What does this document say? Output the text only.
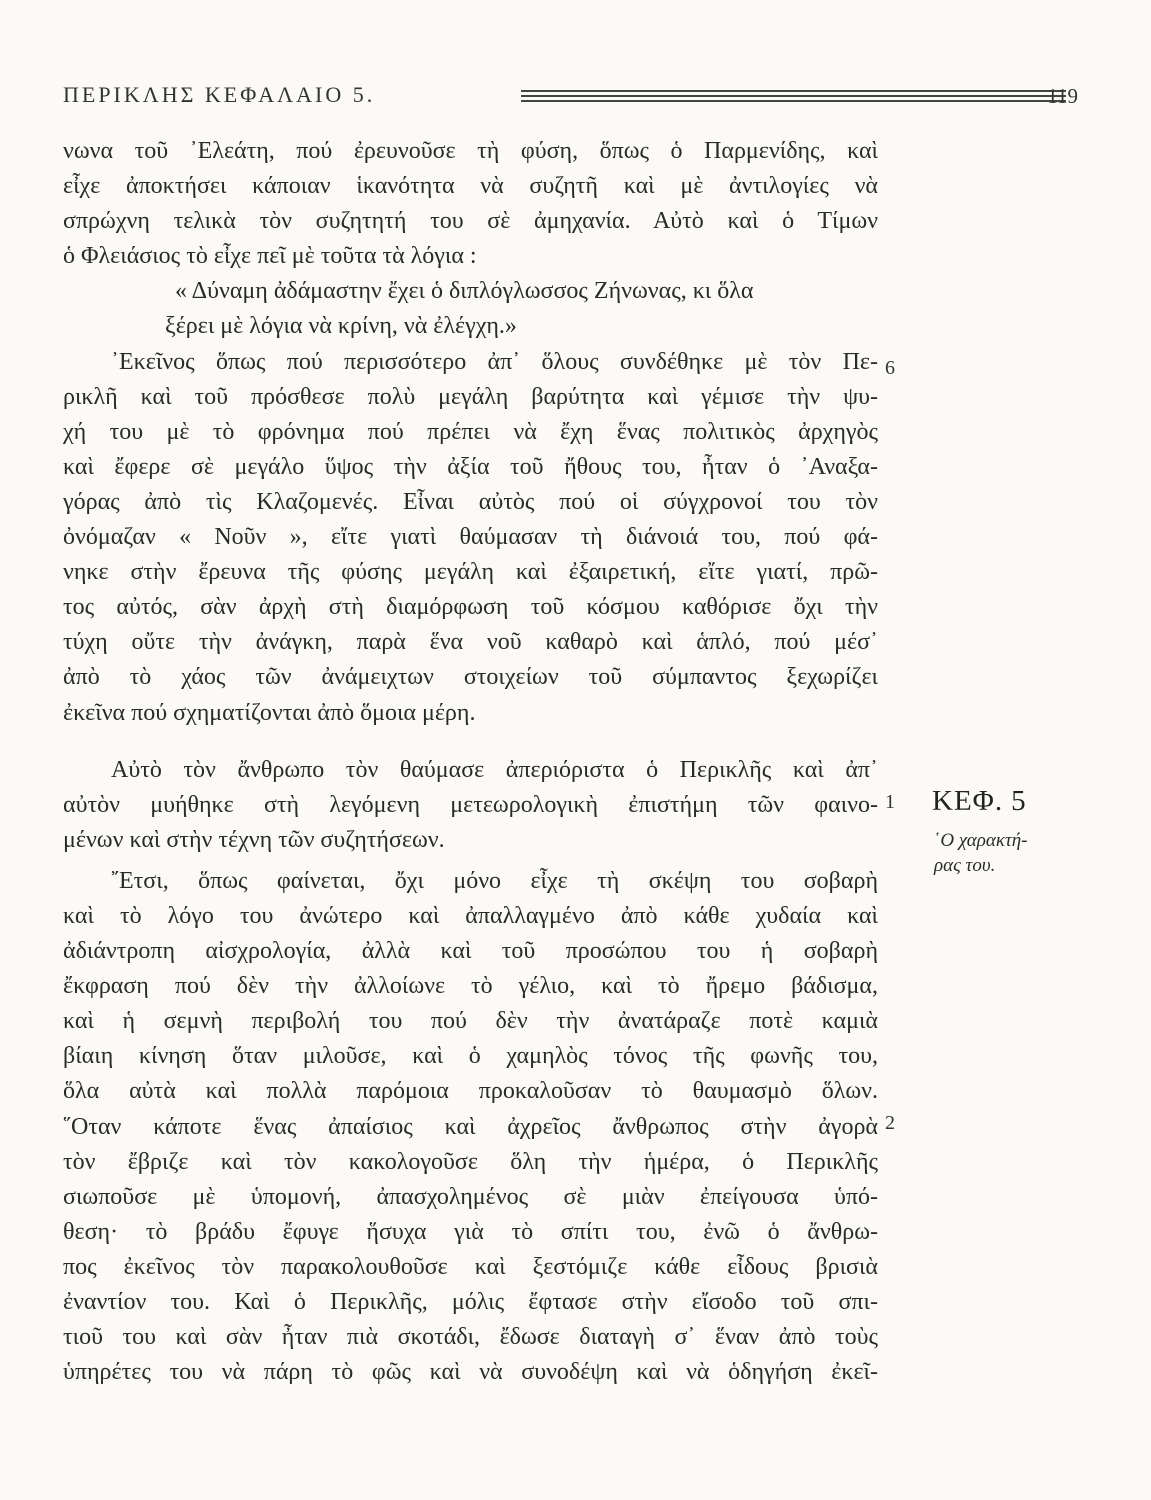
ΠΕΡΙΚΛΗΣ ΚΕΦΑΛΑΙΟ 5.	119
νωνα τοῦ ᾿Ελεάτη, πού ἐρευνοῦσε τὴ φύση, ὅπως ὁ Παρμενίδης, καὶ
εἶχε ἀποκτήσει κάποιαν ἱκανότητα νὰ συζητῆ καὶ μὲ ἀντιλογίες νὰ
σπρώχνη τελικὰ τὸν συζητητή του σὲ ἀμηχανία. Αὐτὸ καὶ ὁ Τίμων
ὁ Φλειάσιος τὸ εἶχε πεῖ μὲ τοῦτα τὰ λόγια :
« Δύναμη ἀδάμαστην ἔχει ὁ διπλόγλωσσος Ζήνωνας, κι ὅλα
ξέρει μὲ λόγια νὰ κρίνη, νὰ ἐλέγχη.»
᾿Εκεῖνος ὅπως πού περισσότερο ἀπ᾿ ὅλους συνδέθηκε μὲ τὸν Πε-
ρικλῆ καὶ τοῦ πρόσθεσε πολὺ μεγάλη βαρύτητα καὶ γέμισε τὴν ψυ-
χή του μὲ τὸ φρόνημα πού πρέπει νὰ ἔχη ἕνας πολιτικὸς ἀρχηγὸς
καὶ ἔφερε σὲ μεγάλο ὕψος τὴν ἀξία τοῦ ἤθους του, ἦταν ὁ ᾿Αναξα-
γόρας ἀπὸ τὶς Κλαζομενές. Εἶναι αὐτὸς πού οἱ σύγχρονοί του τὸν
ὀνόμαζαν « Νοῦν », εἴτε γιατὶ θαύμασαν τὴ διάνοιά του, πού φά-
νηκε στὴν ἔρευνα τῆς φύσης μεγάλη καὶ ἐξαιρετική, εἴτε γιατί, πρῶ-
τος αὐτός, σὰν ἀρχὴ στὴ διαμόρφωση τοῦ κόσμου καθόρισε ὄχι τὴν
τύχη οὔτε τὴν ἀνάγκη, παρὰ ἕνα νοῦ καθαρὸ καὶ ἁπλό, πού μέσ᾿
ἀπὸ τὸ χάος τῶν ἀνάμειχτων στοιχείων τοῦ σύμπαντος ξεχωρίζει
ἐκεῖνα πού σχηματίζονται ἀπὸ ὅμοια μέρη.
Αὐτὸ τὸν ἄνθρωπο τὸν θαύμασε ἀπεριόριστα ὁ Περικλῆς καὶ ἀπ᾿
αὐτὸν μυήθηκε στὴ λεγόμενη μετεωρολογικὴ ἐπιστήμη τῶν φαινο-
μένων καὶ στὴν τέχνη τῶν συζητήσεων.
῎Ετσι, ὅπως φαίνεται, ὄχι μόνο εἶχε τὴ σκέψη του σοβαρὴ
καὶ τὸ λόγο του ἀνώτερο καὶ ἀπαλλαγμένο ἀπὸ κάθε χυδαία καὶ
ἀδιάντροπη αἰσχρολογία, ἀλλὰ καὶ τοῦ προσώπου του ἡ σοβαρὴ
ἔκφραση πού δὲν τὴν ἀλλοίωνε τὸ γέλιο, καὶ τὸ ἤρεμο βάδισμα,
καὶ ἡ σεμνὴ περιβολή του πού δὲν τὴν ἀνατάραζε ποτὲ καμιὰ
βίαιη κίνηση ὅταν μιλοῦσε, καὶ ὁ χαμηλὸς τόνος τῆς φωνῆς του,
ὅλα αὐτὰ καὶ πολλὰ παρόμοια προκαλοῦσαν τὸ θαυμασμὸ ὅλων.
῞Οταν κάποτε ἕνας ἀπαίσιος καὶ ἀχρεῖος ἄνθρωπος στὴν ἀγορὰ
τὸν ἔβριζε καὶ τὸν κακολογοῦσε ὅλη τὴν ἡμέρα, ὁ Περικλῆς
σιωποῦσε μὲ ὑπομονή, ἀπασχολημένος σὲ μιὰν ἐπείγουσα ὑπό-
θεση· τὸ βράδυ ἔφυγε ἥσυχα γιὰ τὸ σπίτι του, ἐνῶ ὁ ἄνθρω-
πος ἐκεῖνος τὸν παρακολουθοῦσε καὶ ξεστόμιζε κάθε εἶδους βρισιὰ
ἐναντίον του. Καὶ ὁ Περικλῆς, μόλις ἔφτασε στὴν εἴσοδο τοῦ σπι-
τιοῦ του καὶ σὰν ἦταν πιὰ σκοτάδι, ἔδωσε διαταγὴ σ᾿ ἕναν ἀπὸ τοὺς
ὑπηρέτες του νὰ πάρη τὸ φῶς καὶ νὰ συνοδέψη καὶ νὰ ὁδηγήση ἐκεῖ-
6
1
2
ΚΕΦ. 5
῾Ο χαρακτή-
ρας του.
